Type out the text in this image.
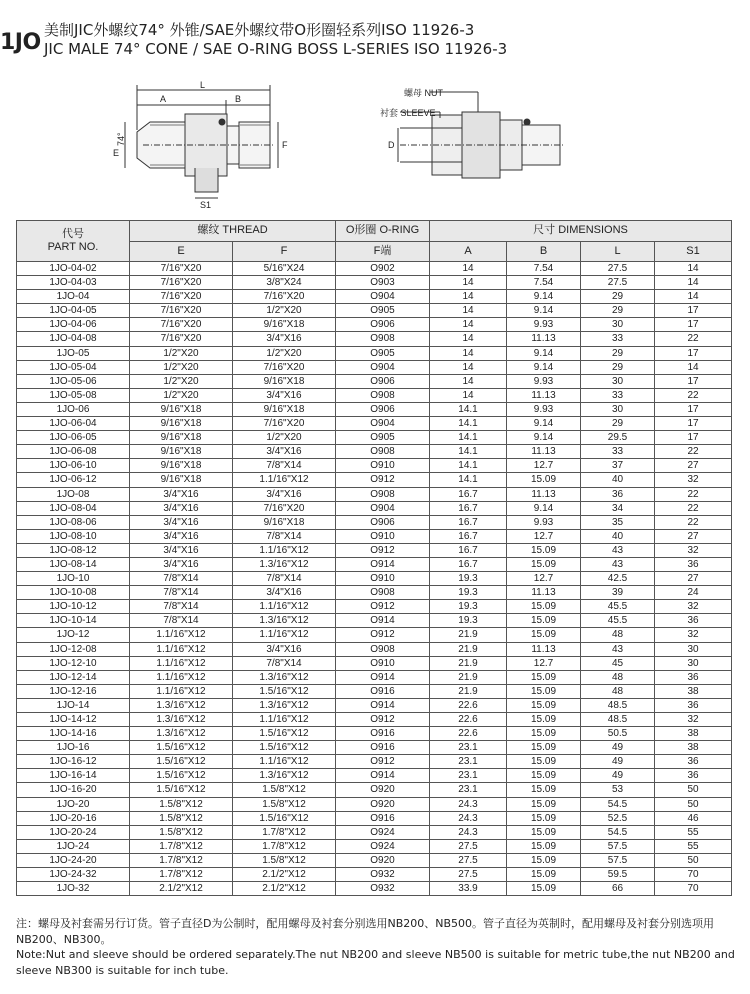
1JO 美制JIC外螺纹74° 外锥/SAE外螺纹带O形圈轻系列ISO 11926-3
JIC MALE 74° CONE / SAE O-RING BOSS L-SERIES ISO 11926-3
A
L
B
E
74°	F
S1
D
螺母 NUT
衬套 SLEEVE
代号
PART NO.	螺纹 THREAD		O形圈 O-RING	尺寸 DIMENSIONS			
	E	F	F端	A	B	L	S1
1JO-04-02	7/16"X20	5/16"X24	O902	14	7.54	27.5	14
1JO-04-03	7/16"X20	3/8"X24	O903	14	7.54	27.5	14
1JO-04	7/16"X20	7/16"X20	O904	14	9.14	29	14
1JO-04-05	7/16"X20	1/2"X20	O905	14	9.14	29	17
1JO-04-06	7/16"X20	9/16"X18	O906	14	9.93	30	17
1JO-04-08	7/16"X20	3/4"X16	O908	14	11.13	33	22
1JO-05	1/2"X20	1/2"X20	O905	14	9.14	29	17
1JO-05-04	1/2"X20	7/16"X20	O904	14	9.14	29	14
1JO-05-06	1/2"X20	9/16"X18	O906	14	9.93	30	17
1JO-05-08	1/2"X20	3/4"X16	O908	14	11.13	33	22
1JO-06	9/16"X18	9/16"X18	O906	14.1	9.93	30	17
1JO-06-04	9/16"X18	7/16"X20	O904	14.1	9.14	29	17
1JO-06-05	9/16"X18	1/2"X20	O905	14.1	9.14	29.5	17
1JO-06-08	9/16"X18	3/4"X16	O908	14.1	11.13	33	22
1JO-06-10	9/16"X18	7/8"X14	O910	14.1	12.7	37	27
1JO-06-12	9/16"X18	1.1/16"X12	O912	14.1	15.09	40	32
1JO-08	3/4"X16	3/4"X16	O908	16.7	11.13	36	22
1JO-08-04	3/4"X16	7/16"X20	O904	16.7	9.14	34	22
1JO-08-06	3/4"X16	9/16"X18	O906	16.7	9.93	35	22
1JO-08-10	3/4"X16	7/8"X14	O910	16.7	12.7	40	27
1JO-08-12	3/4"X16	1.1/16"X12	O912	16.7	15.09	43	32
1JO-08-14	3/4"X16	1.3/16"X12	O914	16.7	15.09	43	36
1JO-10	7/8"X14	7/8"X14	O910	19.3	12.7	42.5	27
1JO-10-08	7/8"X14	3/4"X16	O908	19.3	11.13	39	24
1JO-10-12	7/8"X14	1.1/16"X12	O912	19.3	15.09	45.5	32
1JO-10-14	7/8"X14	1.3/16"X12	O914	19.3	15.09	45.5	36
1JO-12	1.1/16"X12	1.1/16"X12	O912	21.9	15.09	48	32
1JO-12-08	1.1/16"X12	3/4"X16	O908	21.9	11.13	43	30
1JO-12-10	1.1/16"X12	7/8"X14	O910	21.9	12.7	45	30
1JO-12-14	1.1/16"X12	1.3/16"X12	O914	21.9	15.09	48	36
1JO-12-16	1.1/16"X12	1.5/16"X12	O916	21.9	15.09	48	38
1JO-14	1.3/16"X12	1.3/16"X12	O914	22.6	15.09	48.5	36
1JO-14-12	1.3/16"X12	1.1/16"X12	O912	22.6	15.09	48.5	32
1JO-14-16	1.3/16"X12	1.5/16"X12	O916	22.6	15.09	50.5	38
1JO-16	1.5/16"X12	1.5/16"X12	O916	23.1	15.09	49	38
1JO-16-12	1.5/16"X12	1.1/16"X12	O912	23.1	15.09	49	36
1JO-16-14	1.5/16"X12	1.3/16"X12	O914	23.1	15.09	49	36
1JO-16-20	1.5/16"X12	1.5/8"X12	O920	23.1	15.09	53	50
1JO-20	1.5/8"X12	1.5/8"X12	O920	24.3	15.09	54.5	50
1JO-20-16	1.5/8"X12	1.5/16"X12	O916	24.3	15.09	52.5	46
1JO-20-24	1.5/8"X12	1.7/8"X12	O924	24.3	15.09	54.5	55
1JO-24	1.7/8"X12	1.7/8"X12	O924	27.5	15.09	57.5	55
1JO-24-20	1.7/8"X12	1.5/8"X12	O920	27.5	15.09	57.5	50
1JO-24-32	1.7/8"X12	2.1/2"X12	O932	27.5	15.09	59.5	70
1JO-32	2.1/2"X12	2.1/2"X12	O932	33.9	15.09	66	70

注：螺母及衬套需另行订货。管子直径D为公制时，配用螺母及衬套分别选用NB200、NB500。管子直径为英制时，配用螺母及衬套分别选项用NB200、NB300。

Note:Nut and sleeve should be ordered separately.The nut NB200 and sleeve NB500 is suitable for metric tube,the nut NB200 and sleeve NB300 is suitable for inch tube.
